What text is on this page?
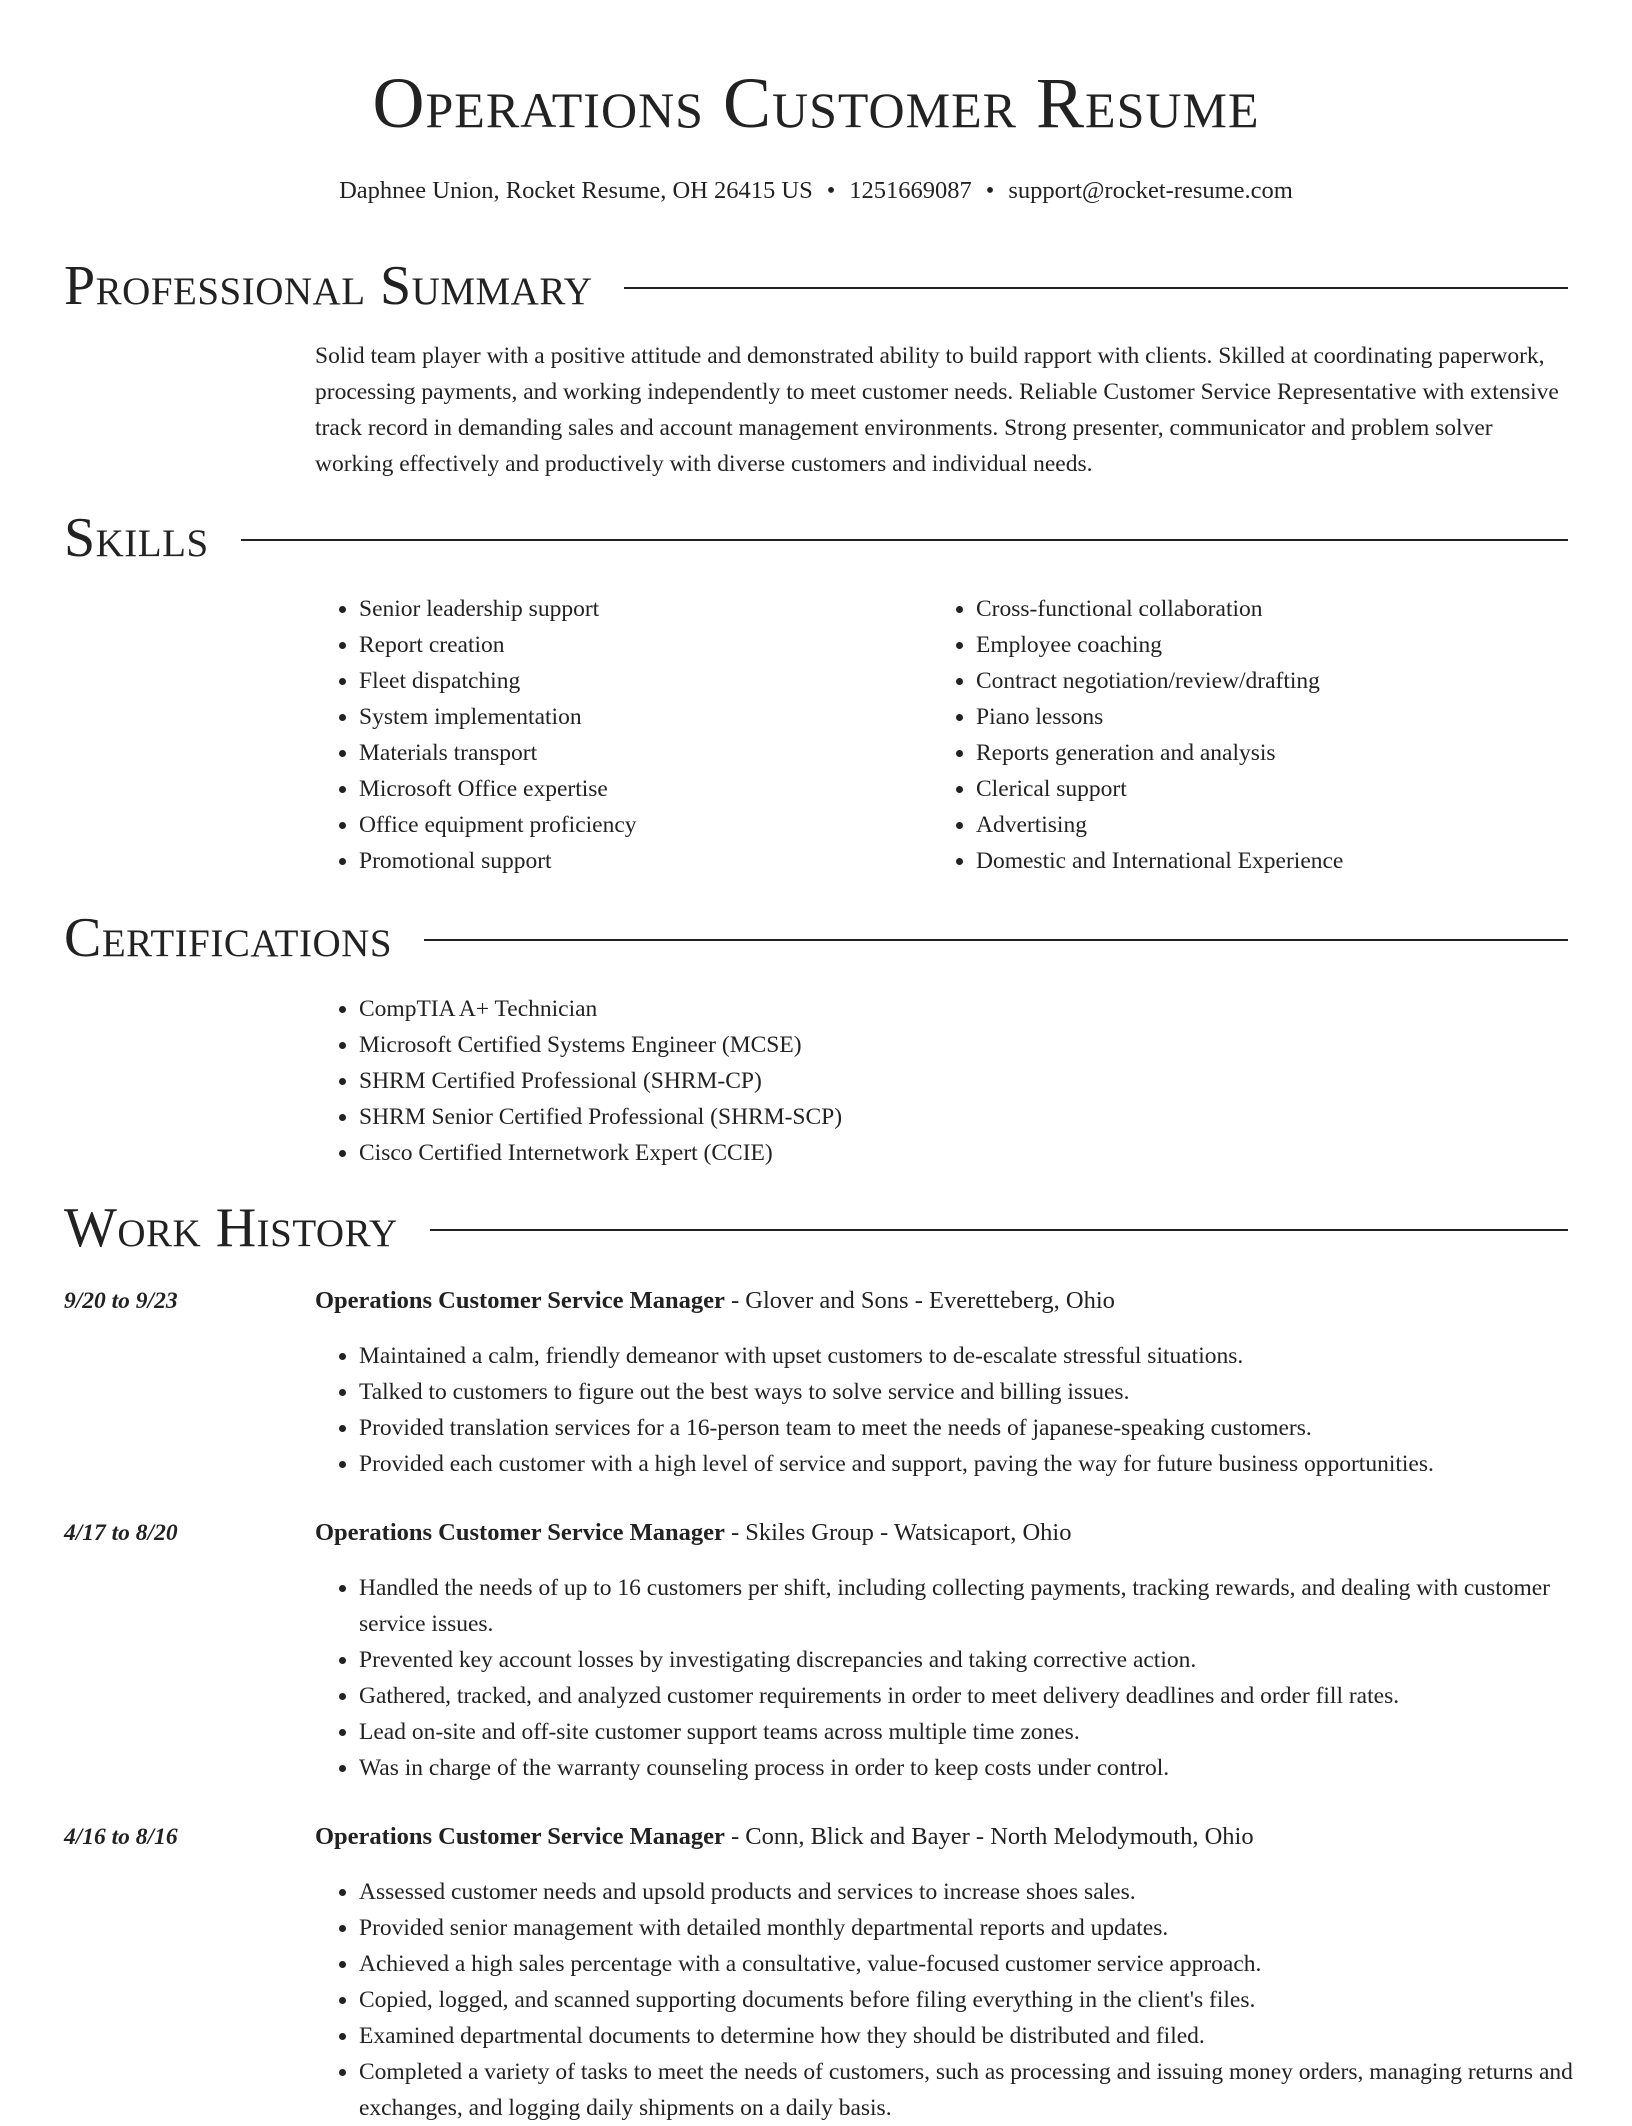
Operations Customer Resume
Daphnee Union, Rocket Resume, OH 26415 US • 1251669087 • support@rocket-resume.com
Professional Summary

Solid team player with a positive attitude and demonstrated ability to build rapport with clients. Skilled at coordinating paperwork, processing payments, and working independently to meet customer needs. Reliable Customer Service Representative with extensive track record in demanding sales and account management environments. Strong presenter, communicator and problem solver working effectively and productively with diverse customers and individual needs.

Skills
• Senior leadership support
• Report creation
• Fleet dispatching
• System implementation
• Materials transport
• Microsoft Office expertise
• Office equipment proficiency
• Promotional support
• Cross-functional collaboration
• Employee coaching
• Contract negotiation/review/drafting
• Piano lessons
• Reports generation and analysis
• Clerical support
• Advertising
• Domestic and International Experience
Certifications
• CompTIA A+ Technician
• Microsoft Certified Systems Engineer (MCSE)
• SHRM Certified Professional (SHRM-CP)
• SHRM Senior Certified Professional (SHRM-SCP)
• Cisco Certified Internetwork Expert (CCIE)
Work History
9/20 to 9/23	Operations Customer Service Manager - Glover and Sons - Everetteberg, Ohio
• Maintained a calm, friendly demeanor with upset customers to de-escalate stressful situations.
• Talked to customers to figure out the best ways to solve service and billing issues.
• Provided translation services for a 16-person team to meet the needs of japanese-speaking customers.
• Provided each customer with a high level of service and support, paving the way for future business opportunities.
4/17 to 8/20	Operations Customer Service Manager - Skiles Group - Watsicaport, Ohio
• Handled the needs of up to 16 customers per shift, including collecting payments, tracking rewards, and dealing with customer service issues.
• Prevented key account losses by investigating discrepancies and taking corrective action.
• Gathered, tracked, and analyzed customer requirements in order to meet delivery deadlines and order fill rates.
• Lead on-site and off-site customer support teams across multiple time zones.
• Was in charge of the warranty counseling process in order to keep costs under control.
4/16 to 8/16	Operations Customer Service Manager - Conn, Blick and Bayer - North Melodymouth, Ohio
• Assessed customer needs and upsold products and services to increase shoes sales.
• Provided senior management with detailed monthly departmental reports and updates.
• Achieved a high sales percentage with a consultative, value-focused customer service approach.
• Copied, logged, and scanned supporting documents before filing everything in the client's files.
• Examined departmental documents to determine how they should be distributed and filed.
• Completed a variety of tasks to meet the needs of customers, such as processing and issuing money orders, managing returns and exchanges, and logging daily shipments on a daily basis.
